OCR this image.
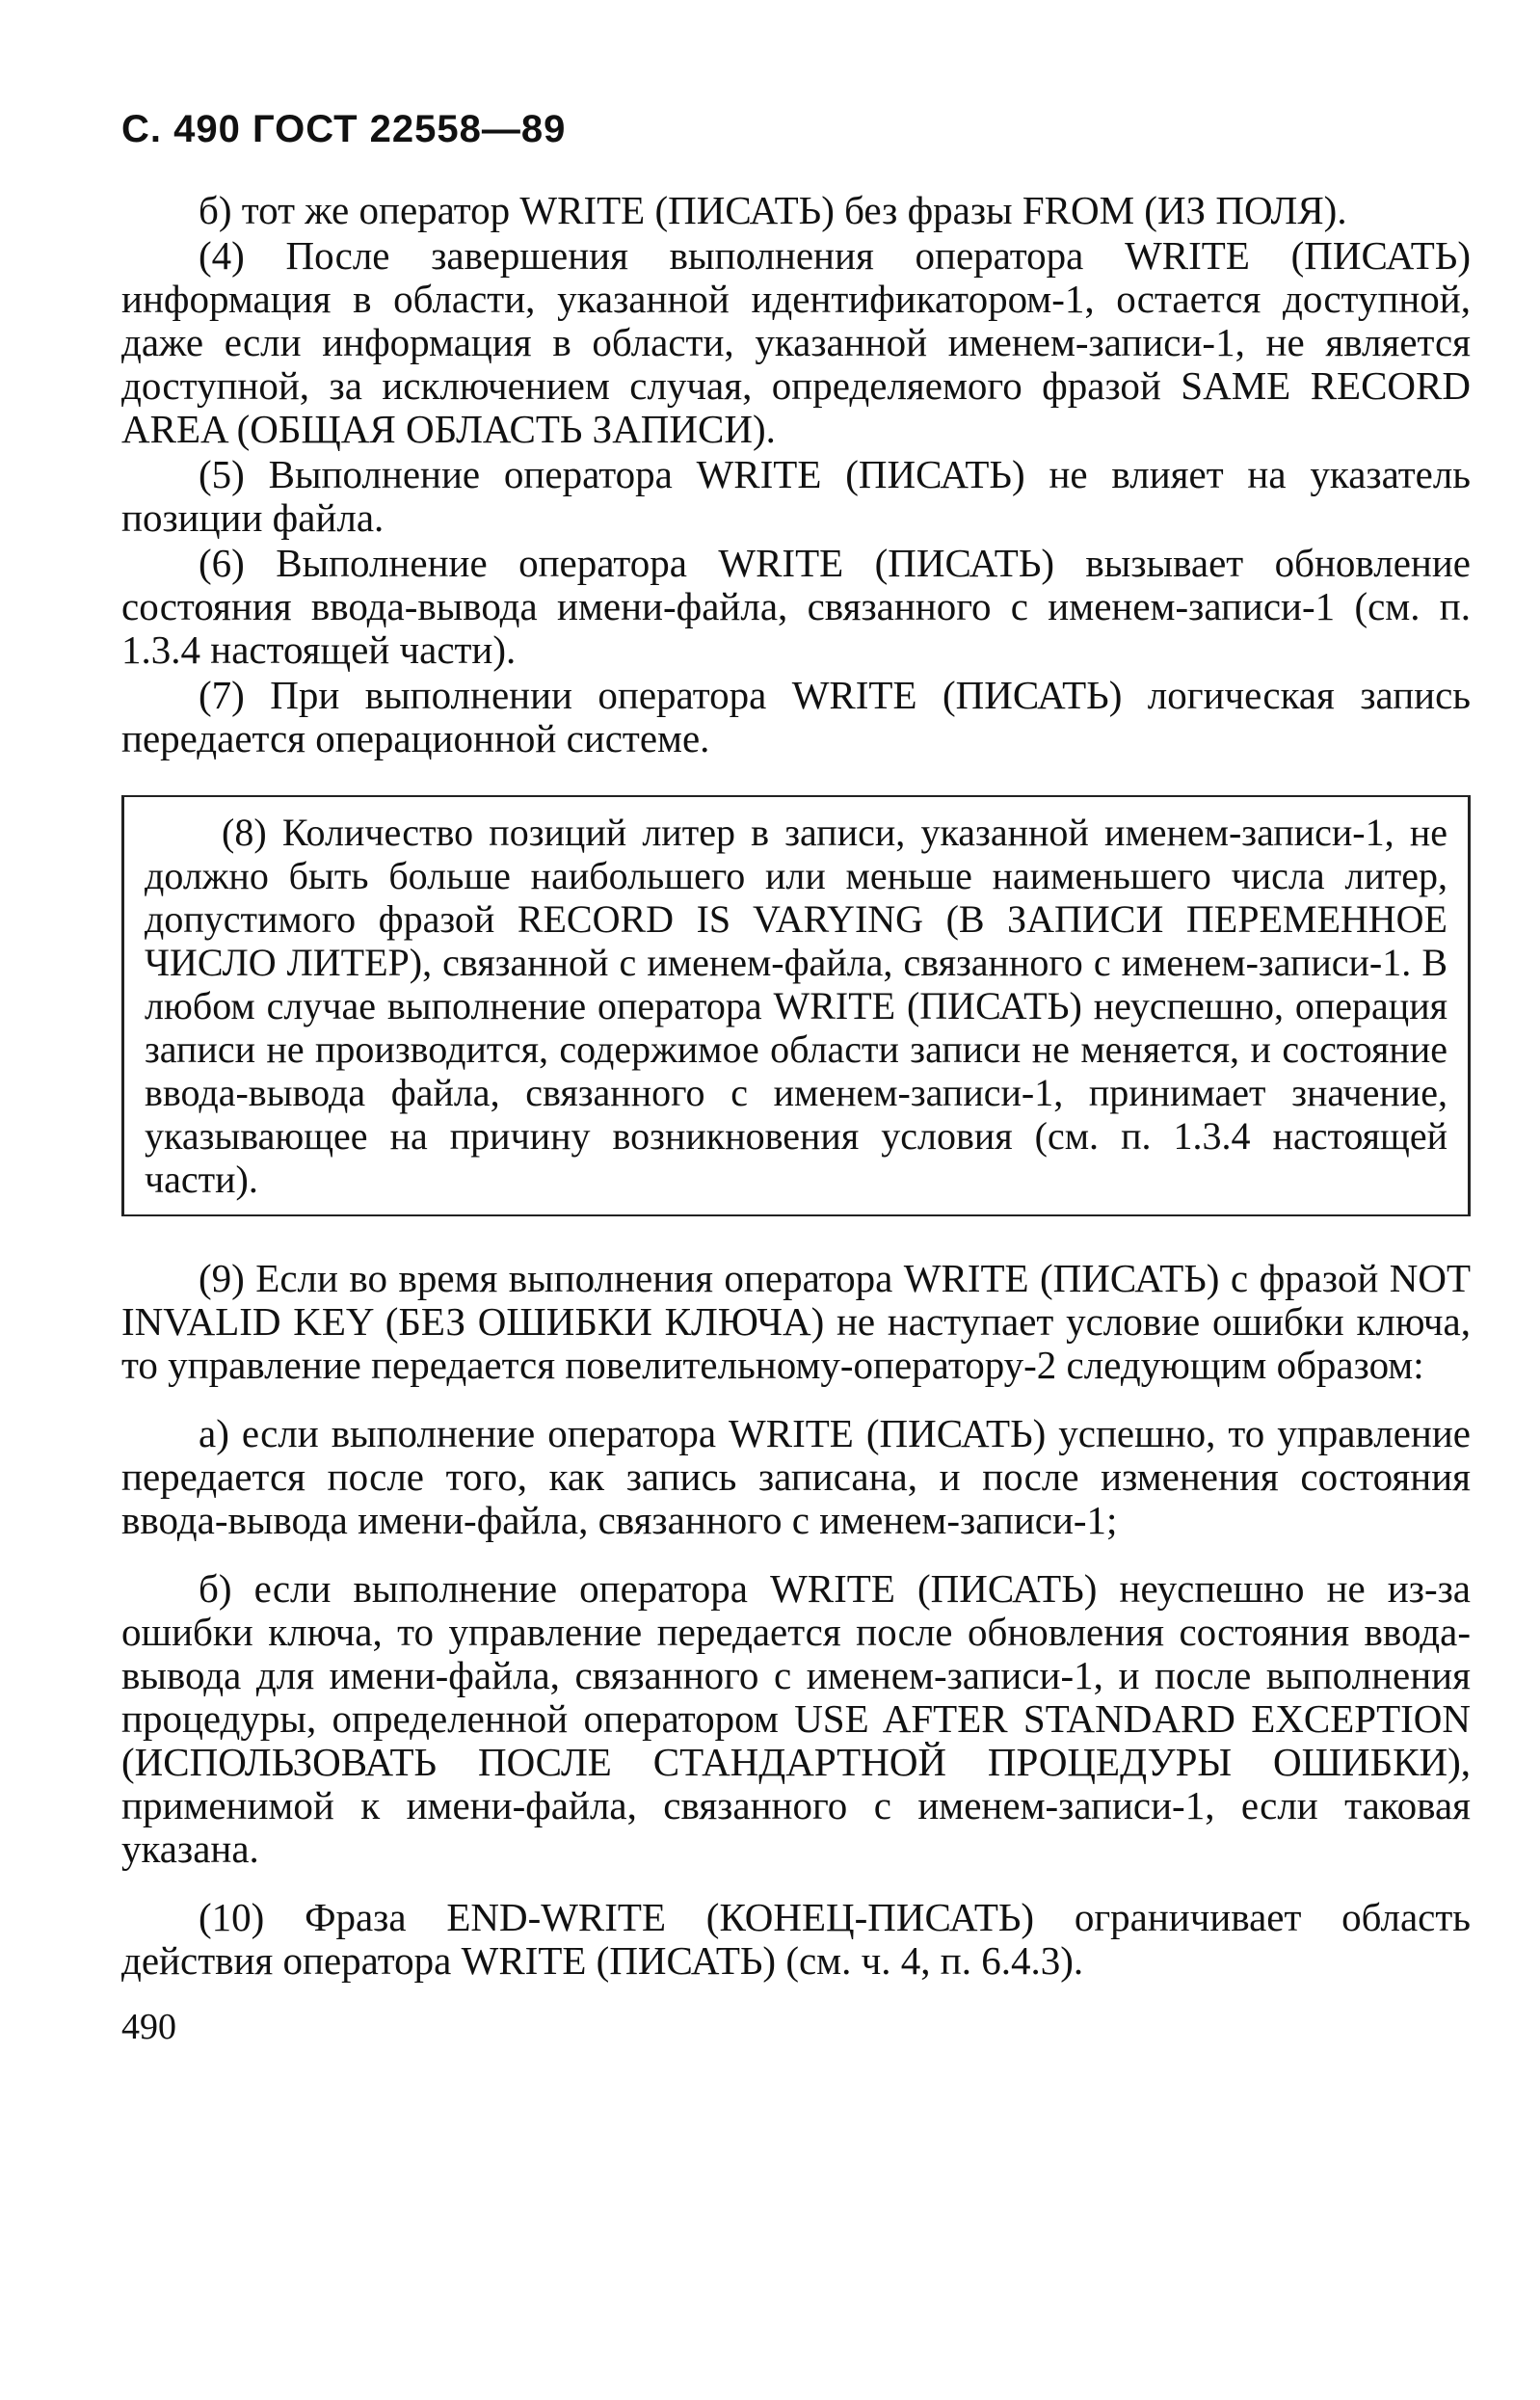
С. 490 ГОСТ 22558—89

б) тот же оператор WRITE (ПИСАТЬ) без фразы FROM (ИЗ ПОЛЯ).

(4) После завершения выполнения оператора WRITE (ПИСАТЬ) информация в области, указанной идентификатором-1, остается доступной, даже если информация в области, указанной именем-записи-1, не является доступной, за исключением случая, определяемого фразой SAME RECORD AREA (ОБЩАЯ ОБЛАСТЬ ЗАПИСИ).

(5) Выполнение оператора WRITE (ПИСАТЬ) не влияет на указатель позиции файла.

(6) Выполнение оператора WRITE (ПИСАТЬ) вызывает обновление состояния ввода-вывода имени-файла, связанного с именем-записи-1 (см. п. 1.3.4 настоящей части).

(7) При выполнении оператора WRITE (ПИСАТЬ) логическая запись передается операционной системе.

(8) Количество позиций литер в записи, указанной именем-записи-1, не должно быть больше наибольшего или меньше наименьшего числа литер, допустимого фразой RECORD IS VARYING (В ЗАПИСИ ПЕРЕМЕННОЕ ЧИСЛО ЛИТЕР), связанной с именем-файла, связанного с именем-записи-1. В любом случае выполнение оператора WRITE (ПИСАТЬ) неуспешно, операция записи не производится, содержимое области записи не меняется, и состояние ввода-вывода файла, связанного с именем-записи-1, принимает значение, указывающее на причину возникновения условия (см. п. 1.3.4 настоящей части).

(9) Если во время выполнения оператора WRITE (ПИСАТЬ) с фразой NOT INVALID KEY (БЕЗ ОШИБКИ КЛЮЧА) не наступает условие ошибки ключа, то управление передается повелительному-оператору-2 следующим образом:

а) если выполнение оператора WRITE (ПИСАТЬ) успешно, то управление передается после того, как запись записана, и после изменения состояния ввода-вывода имени-файла, связанного с именем-записи-1;

б) если выполнение оператора WRITE (ПИСАТЬ) неуспешно не из-за ошибки ключа, то управление передается после обновления состояния ввода-вывода для имени-файла, связанного с именем-записи-1, и после выполнения процедуры, определенной оператором USE AFTER STANDARD EXCEPTION (ИСПОЛЬЗОВАТЬ ПОСЛЕ СТАНДАРТНОЙ ПРОЦЕДУРЫ ОШИБКИ), применимой к имени-файла, связанного с именем-записи-1, если таковая указана.

(10) Фраза END-WRITE (КОНЕЦ-ПИСАТЬ) ограничивает область действия оператора WRITE (ПИСАТЬ) (см. ч. 4, п. 6.4.3).

490
